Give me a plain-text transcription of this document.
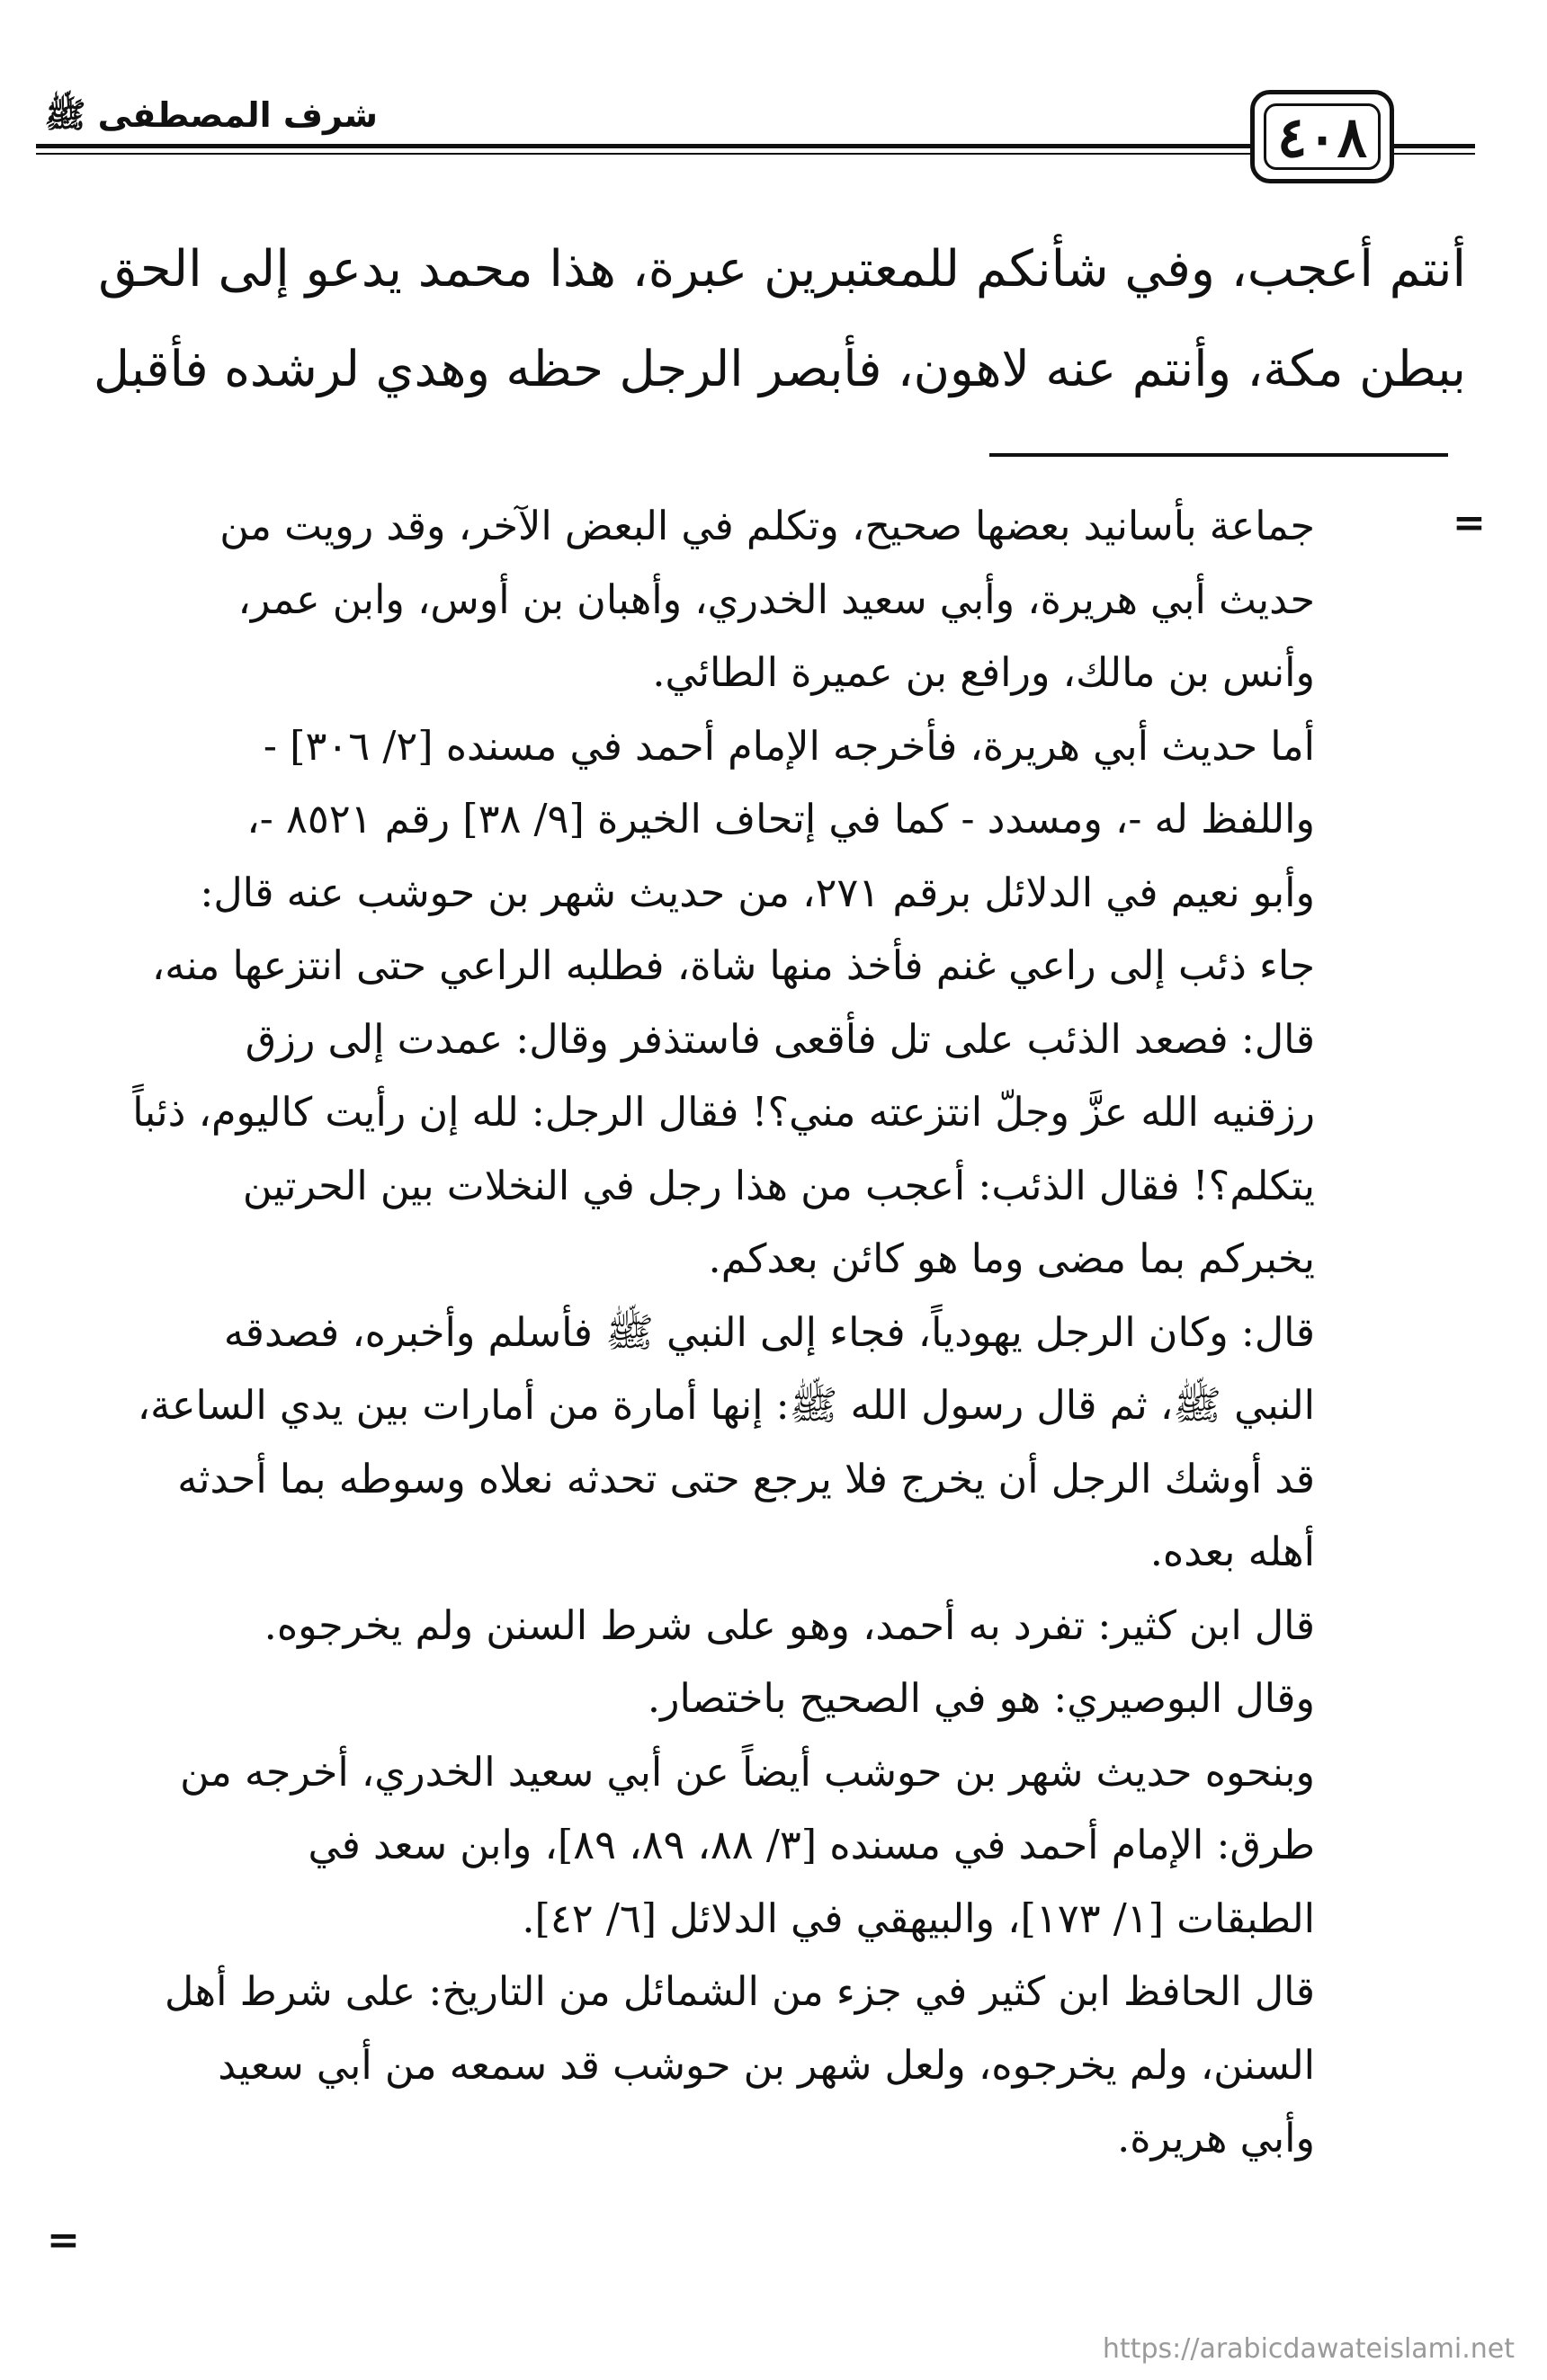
شرف المصطفى ﷺ	٤٠٨

أنتم أعجب، وفي شأنكم للمعتبرين عبرة، هذا محمد يدعو إلى الحق

ببطن مكة، وأنتم عنه لاهون، فأبصر الرجل حظه وهدي لرشده فأقبل

=
=

جماعة بأسانيد بعضها صحيح، وتكلم في البعض الآخر، وقد رويت من

حديث أبي هريرة، وأبي سعيد الخدري، وأهبان بن أوس، وابن عمر،

وأنس بن مالك، ورافع بن عميرة الطائي.

أما حديث أبي هريرة، فأخرجه الإمام أحمد في مسنده [٢/ ٣٠٦] -

واللفظ له -، ومسدد - كما في إتحاف الخيرة [٩/ ٣٨] رقم ٨٥٢١ -،

وأبو نعيم في الدلائل برقم ٢٧١، من حديث شهر بن حوشب عنه قال:

جاء ذئب إلى راعي غنم فأخذ منها شاة، فطلبه الراعي حتى انتزعها منه،

قال: فصعد الذئب على تل فأقعى فاستذفر وقال: عمدت إلى رزق

رزقنيه الله عزَّ وجلّ انتزعته مني؟! فقال الرجل: لله إن رأيت كاليوم، ذئباً

يتكلم؟! فقال الذئب: أعجب من هذا رجل في النخلات بين الحرتين

يخبركم بما مضى وما هو كائن بعدكم.

قال: وكان الرجل يهودياً، فجاء إلى النبي ﷺ فأسلم وأخبره، فصدقه

النبي ﷺ، ثم قال رسول الله ﷺ: إنها أمارة من أمارات بين يدي الساعة،

قد أوشك الرجل أن يخرج فلا يرجع حتى تحدثه نعلاه وسوطه بما أحدثه

أهله بعده.

قال ابن كثير: تفرد به أحمد، وهو على شرط السنن ولم يخرجوه.

وقال البوصيري: هو في الصحيح باختصار.

وبنحوه حديث شهر بن حوشب أيضاً عن أبي سعيد الخدري، أخرجه من

طرق: الإمام أحمد في مسنده [٣/ ٨٨، ٨٩، ٨٩]، وابن سعد في

الطبقات [١/ ١٧٣]، والبيهقي في الدلائل [٦/ ٤٢].

قال الحافظ ابن كثير في جزء من الشمائل من التاريخ: على شرط أهل

السنن، ولم يخرجوه، ولعل شهر بن حوشب قد سمعه من أبي سعيد

وأبي هريرة.

https://arabicdawateislami.net
